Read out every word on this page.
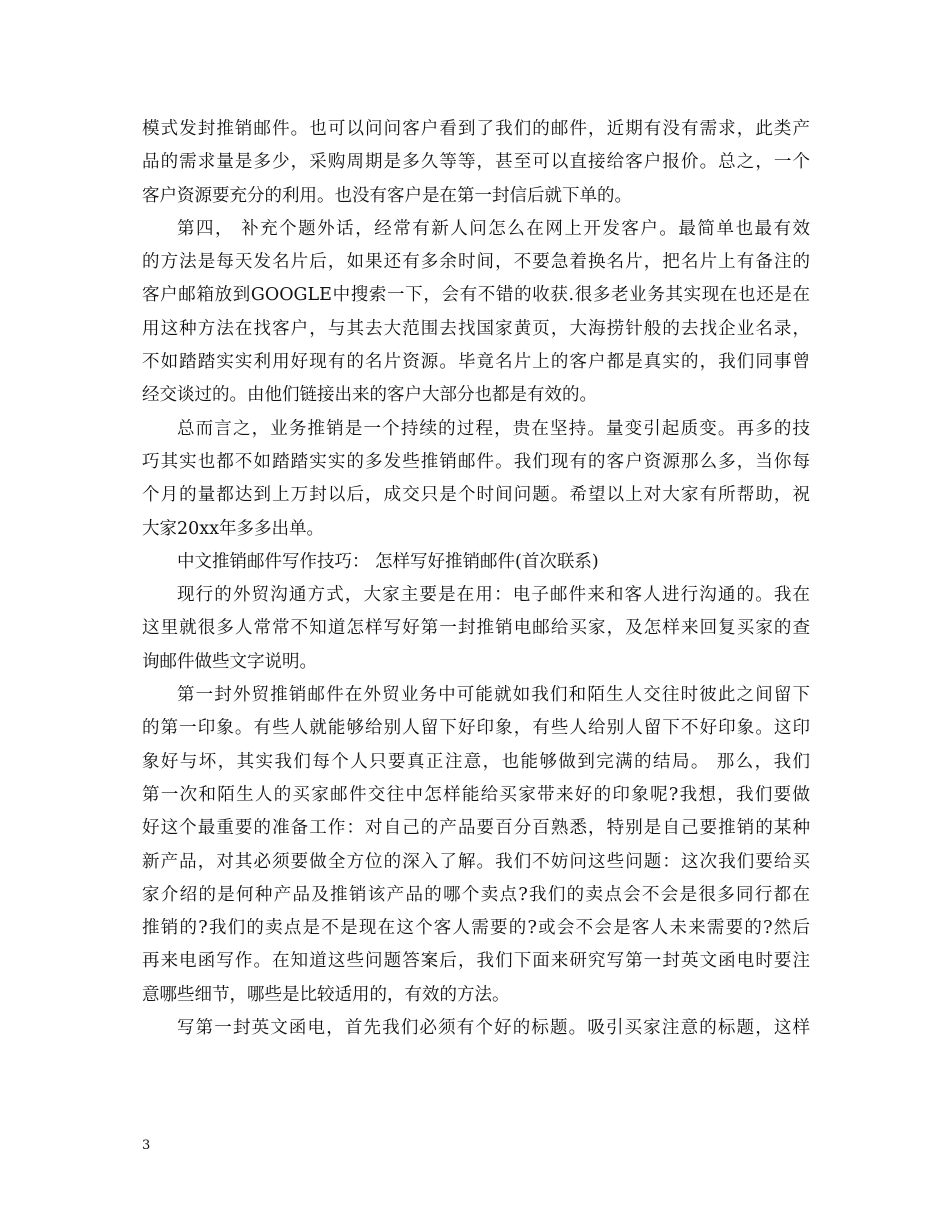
模式发封推销邮件。也可以问问客户看到了我们的邮件，近期有没有需求，此类产
品的需求量是多少，采购周期是多久等等，甚至可以直接给客户报价。总之，一个
客户资源要充分的利用。也没有客户是在第一封信后就下单的。
第四， 补充个题外话，经常有新人问怎么在网上开发客户。最简单也最有效
的方法是每天发名片后，如果还有多余时间，不要急着换名片，把名片上有备注的
客户邮箱放到GOOGLE中搜索一下，会有不错的收获.很多老业务其实现在也还是在
用这种方法在找客户，与其去大范围去找国家黄页，大海捞针般的去找企业名录，
不如踏踏实实利用好现有的名片资源。毕竟名片上的客户都是真实的，我们同事曾
经交谈过的。由他们链接出来的客户大部分也都是有效的。
总而言之，业务推销是一个持续的过程，贵在坚持。量变引起质变。再多的技
巧其实也都不如踏踏实实的多发些推销邮件。我们现有的客户资源那么多，当你每
个月的量都达到上万封以后，成交只是个时间问题。希望以上对大家有所帮助，祝
大家20xx年多多出单。
中文推销邮件写作技巧： 怎样写好推销邮件(首次联系)
现行的外贸沟通方式，大家主要是在用：电子邮件来和客人进行沟通的。我在
这里就很多人常常不知道怎样写好第一封推销电邮给买家，及怎样来回复买家的查
询邮件做些文字说明。
第一封外贸推销邮件在外贸业务中可能就如我们和陌生人交往时彼此之间留下
的第一印象。有些人就能够给别人留下好印象，有些人给别人留下不好印象。这印
象好与坏，其实我们每个人只要真正注意，也能够做到完满的结局。 那么，我们
第一次和陌生人的买家邮件交往中怎样能给买家带来好的印象呢?我想，我们要做
好这个最重要的准备工作：对自己的产品要百分百熟悉，特别是自己要推销的某种
新产品，对其必须要做全方位的深入了解。我们不妨问这些问题：这次我们要给买
家介绍的是何种产品及推销该产品的哪个卖点?我们的卖点会不会是很多同行都在
推销的?我们的卖点是不是现在这个客人需要的?或会不会是客人未来需要的?然后
再来电函写作。在知道这些问题答案后，我们下面来研究写第一封英文函电时要注
意哪些细节，哪些是比较适用的，有效的方法。
写第一封英文函电，首先我们必须有个好的标题。吸引买家注意的标题，这样
3
